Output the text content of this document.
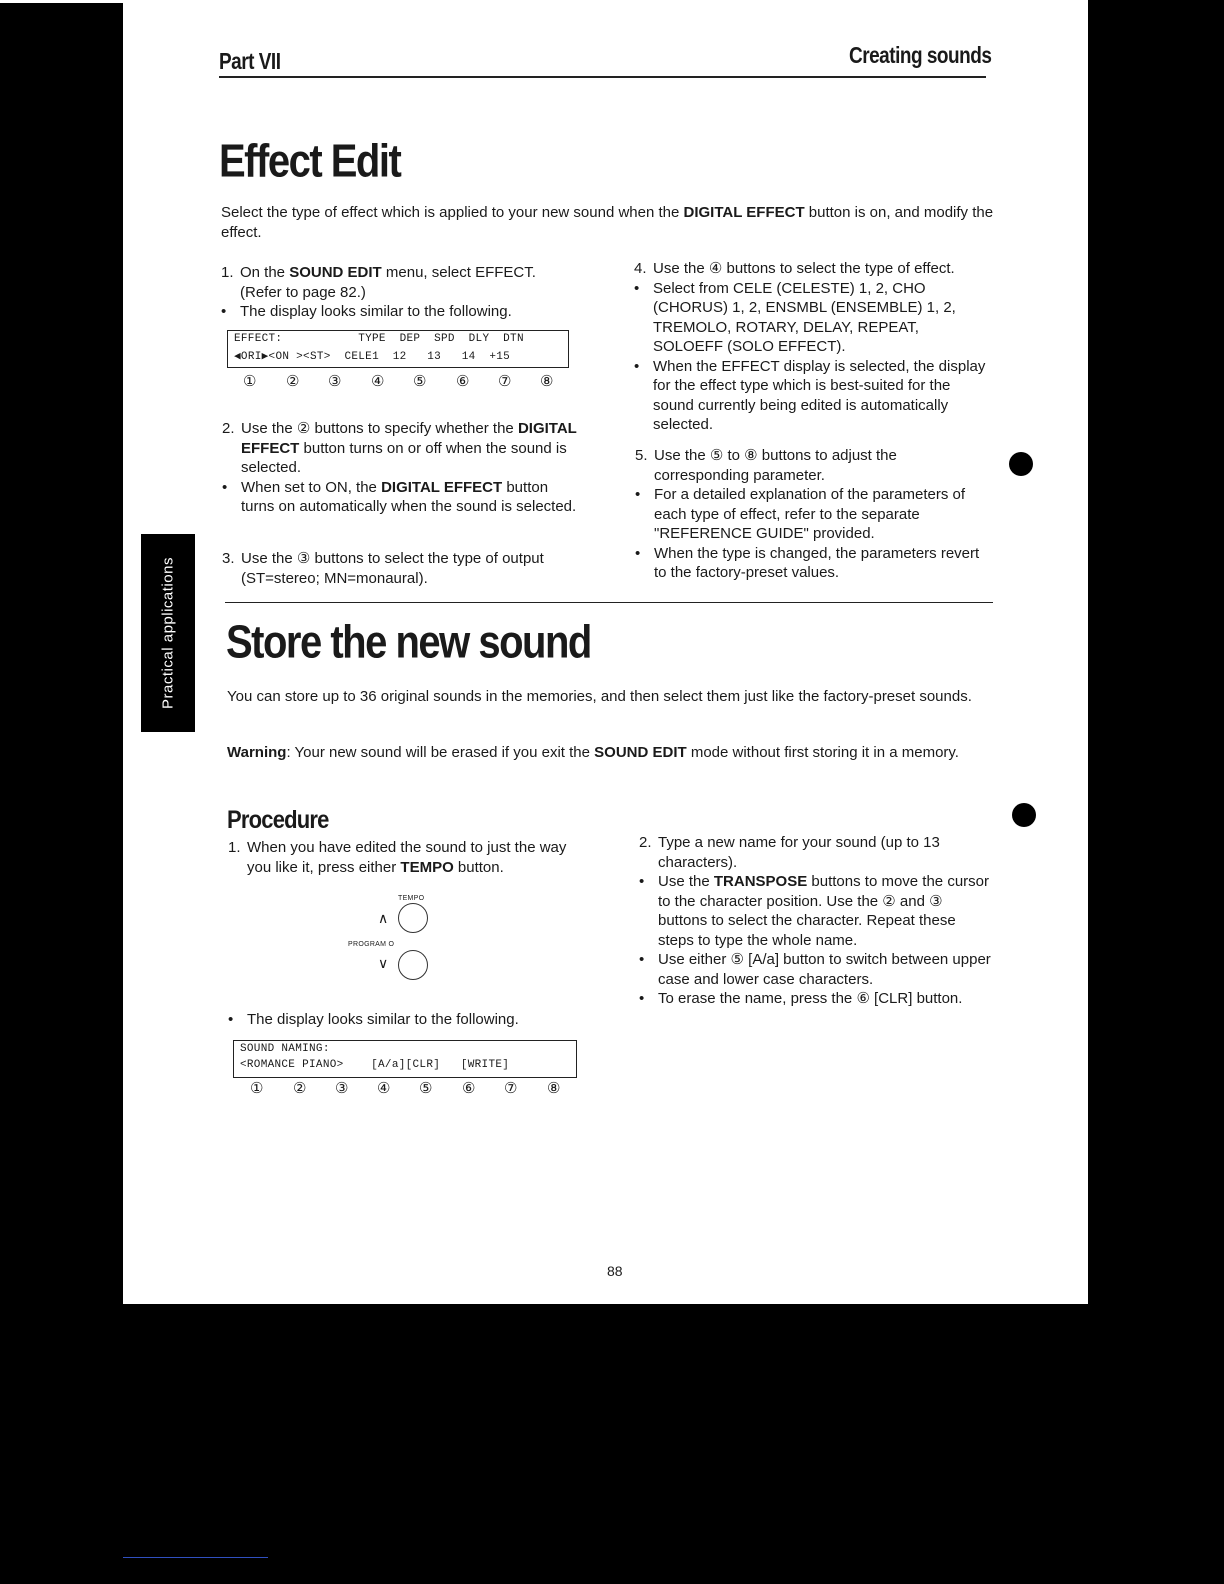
Part VII	Creating sounds
Practical applications
Effect Edit
Select the type of effect which is applied to your new sound when the DIGITAL EFFECT button is on, and modify the effect.
1. On the SOUND EDIT menu, select EFFECT. (Refer to page 82.)
• The display looks similar to the following.
EFFECT:           TYPE  DEP  SPD  DLY  DTN
◀ORI▶<ON ><ST>  CELE1  12   13   14  +15
① ② ③ ④ ⑤ ⑥ ⑦ ⑧
2. Use the ② buttons to specify whether the DIGITAL EFFECT button turns on or off when the sound is selected.
• When set to ON, the DIGITAL EFFECT button turns on automatically when the sound is selected.
3. Use the ③ buttons to select the type of output (ST=stereo; MN=monaural).
4. Use the ④ buttons to select the type of effect.
• Select from CELE (CELESTE) 1, 2, CHO (CHORUS) 1, 2, ENSMBL (ENSEMBLE) 1, 2, TREMOLO, ROTARY, DELAY, REPEAT, SOLOEFF (SOLO EFFECT).
• When the EFFECT display is selected, the display for the effect type which is best-suited for the sound currently being edited is automatically selected.
5. Use the ⑤ to ⑧ buttons to adjust the corresponding parameter.
• For a detailed explanation of the parameters of each type of effect, refer to the separate "REFERENCE GUIDE" provided.
• When the type is changed, the parameters revert to the factory-preset values.
Store the new sound
You can store up to 36 original sounds in the memories, and then select them just like the factory-preset sounds.
Warning: Your new sound will be erased if you exit the SOUND EDIT mode without first storing it in a memory.
Procedure
1. When you have edited the sound to just the way you like it, press either TEMPO button.
TEMPO
∧
PROGRAM O
∨
• The display looks similar to the following.
SOUND NAMING:
<ROMANCE PIANO>    [A/a][CLR]   [WRITE]
① ② ③ ④ ⑤ ⑥ ⑦ ⑧
2. Type a new name for your sound (up to 13 characters).
• Use the TRANSPOSE buttons to move the cursor to the character position. Use the ② and ③ buttons to select the character. Repeat these steps to type the whole name.
• Use either ⑤ [A/a] button to switch between upper case and lower case characters.
• To erase the name, press the ⑥ [CLR] button.
88
